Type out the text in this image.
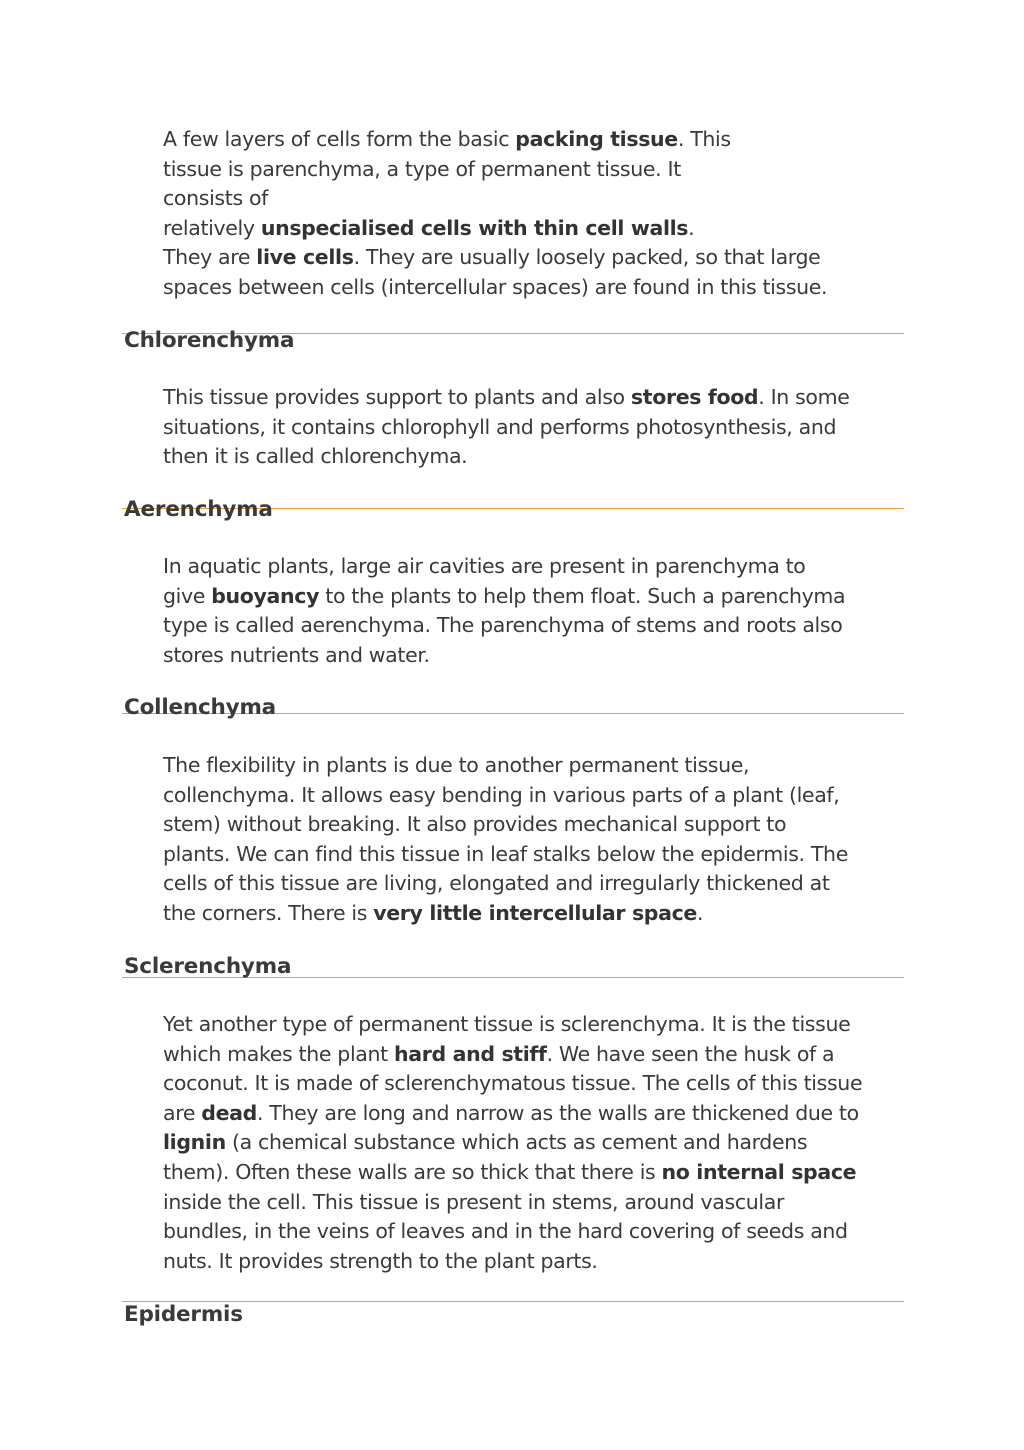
A few layers of cells form the basic packing tissue. This
tissue is parenchyma, a type of permanent tissue. It
consists of
relatively unspecialised cells with thin cell walls.
They are live cells. They are usually loosely packed, so that large
spaces between cells (intercellular spaces) are found in this tissue.
Chlorenchyma
This tissue provides support to plants and also stores food. In some
situations, it contains chlorophyll and performs photosynthesis, and
then it is called chlorenchyma.
Aerenchyma
In aquatic plants, large air cavities are present in parenchyma to
give buoyancy to the plants to help them float. Such a parenchyma
type is called aerenchyma. The parenchyma of stems and roots also
stores nutrients and water.
Collenchyma
The flexibility in plants is due to another permanent tissue,
collenchyma. It allows easy bending in various parts of a plant (leaf,
stem) without breaking. It also provides mechanical support to
plants. We can find this tissue in leaf stalks below the epidermis. The
cells of this tissue are living, elongated and irregularly thickened at
the corners. There is very little intercellular space.
Sclerenchyma
Yet another type of permanent tissue is sclerenchyma. It is the tissue
which makes the plant hard and stiff. We have seen the husk of a
coconut. It is made of sclerenchymatous tissue. The cells of this tissue
are dead. They are long and narrow as the walls are thickened due to
lignin (a chemical substance which acts as cement and hardens
them). Often these walls are so thick that there is no internal space
inside the cell. This tissue is present in stems, around vascular
bundles, in the veins of leaves and in the hard covering of seeds and
nuts. It provides strength to the plant parts.
Epidermis
